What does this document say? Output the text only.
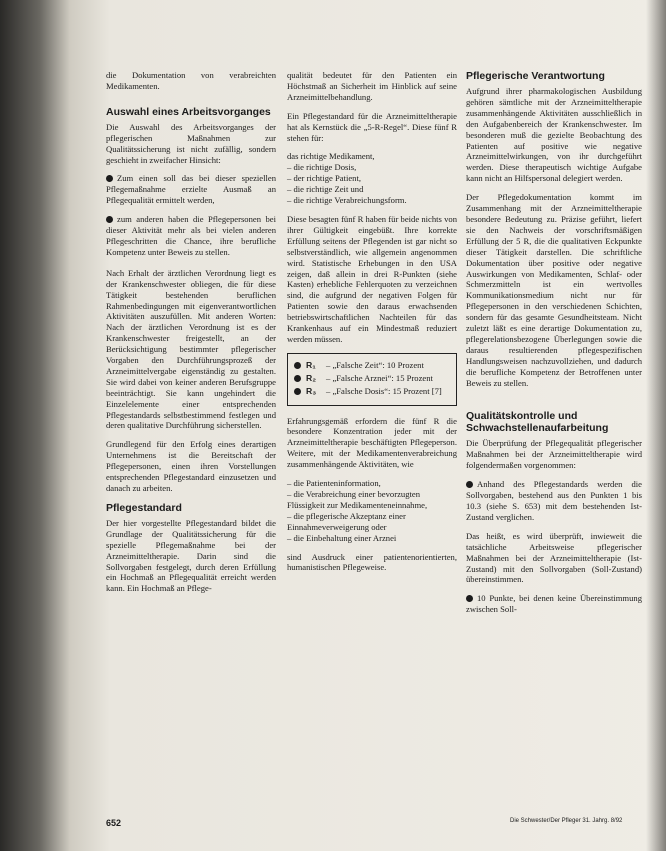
die Dokumentation von verabreichten Medikamenten.

Auswahl eines Arbeitsvorganges

Die Auswahl des Arbeitsvorganges der pflegerischen Maßnahmen zur Qualitätssicherung ist nicht zufällig, sondern geschieht in zweifacher Hinsicht:

Zum einen soll das bei dieser speziellen Pflegemaßnahme erzielte Ausmaß an Pflegequalität ermittelt werden,

zum anderen haben die Pflegepersonen bei dieser Aktivität mehr als bei vielen anderen Pflegeschritten die Chance, ihre berufliche Kompetenz unter Beweis zu stellen.

Nach Erhalt der ärztlichen Verordnung liegt es der Krankenschwester obliegen, die für diese Tätigkeit bestehenden beruflichen Rahmenbedingungen mit eigenverantwortlichen Aktivitäten auszufüllen. Mit anderen Worten: Nach der ärztlichen Verordnung ist es der Krankenschwester freigestellt, an der Berücksichtigung bestimmter pflegerischer Vorgaben den Durchführungsprozeß der Arzneimittelvergabe eigenständig zu gestalten. Sie wird dabei von keiner anderen Berufsgruppe beeinträchtigt. Sie kann ungehindert die Einzelelemente einer entsprechenden Pflegestandards selbstbestimmend festlegen und deren qualitative Durchführung sicherstellen.

Grundlegend für den Erfolg eines derartigen Unternehmens ist die Bereitschaft der Pflegepersonen, einen ihren Vorstellungen entsprechenden Pflegestandard einzusetzen und danach zu arbeiten.

Pflegestandard

Der hier vorgestellte Pflegestandard bildet die Grundlage der Qualitätssicherung für die spezielle Pflegemaßnahme bei der Arzneimitteltherapie. Darin sind die Sollvorgaben festgelegt, durch deren Erfüllung ein Hochmaß an Pflegequalität erreicht werden kann. Ein Hochmaß an Pflege-

qualität bedeutet für den Patienten ein Höchstmaß an Sicherheit im Hinblick auf seine Arzneimittelbehandlung.

Ein Pflegestandard für die Arzneimitteltherapie hat als Kernstück die „5-R-Regel“. Diese fünf R stehen für:

das richtige Medikament,
– die richtige Dosis,
– der richtige Patient,
– die richtige Zeit und
– die richtige Verabreichungsform.

Diese besagten fünf R haben für beide nichts von ihrer Gültigkeit eingebüßt. Ihre korrekte Erfüllung seitens der Pflegenden ist gar nicht so selbstverständlich, wie allgemein angenommen wird. Statistische Erhebungen in den USA zeigen, daß allein in drei R-Punkten (siehe Kasten) erhebliche Fehlerquoten zu verzeichnen sind, die aufgrund der negativen Folgen für Patienten sowie den daraus erwachsenden betriebswirtschaftlichen Nachteilen für das Krankenhaus auf ein Mindestmaß reduziert werden müssen.

R₁	– „Falsche Zeit“: 10 Prozent
R₂	– „Falsche Arznei“: 15 Prozent
R₃	– „Falsche Dosis“: 15 Prozent [7]

Erfahrungsgemäß erfordern die fünf R die besondere Konzentration jeder mit der Arzneimitteltherapie beschäftigten Pflegeperson. Weitere, mit der Medikamentenverabreichung zusammenhängende Aktivitäten, wie

– die Patienteninformation,
– die Verabreichung einer bevorzugten Flüssigkeit zur Medikamenteneinnahme,
– die pflegerische Akzeptanz einer Einnahmeverweigerung oder
– die Einbehaltung einer Arznei

sind Ausdruck einer patientenorientierten, humanistischen Pflegeweise.

Pflegerische Verantwortung

Aufgrund ihrer pharmakologischen Ausbildung gehören sämtliche mit der Arzneimitteltherapie zusammenhängende Aktivitäten ausschließlich in den Aufgabenbereich der Krankenschwester. Im besonderen muß die gezielte Beobachtung des Patienten auf positive wie negative Arzneimittelwirkungen, von ihr durchgeführt werden. Diese therapeutisch wichtige Aufgabe kann nicht an Hilfspersonal delegiert werden.

Der Pflegedokumentation kommt im Zusammenhang mit der Arzneimitteltherapie besondere Bedeutung zu. Präzise geführt, liefert sie den Nachweis der vorschriftsmäßigen Erfüllung der 5 R, die die qualitativen Eckpunkte dieser Tätigkeit darstellen. Die schriftliche Dokumentation über positive oder negative Auswirkungen von Medikamenten, Schlaf- oder Schmerzmitteln ist ein wertvolles Kommunikationsmedium nicht nur für Pflegepersonen in den verschiedenen Schichten, sondern für das gesamte Gesundheitsteam. Nicht zuletzt läßt es eine derartige Dokumentation zu, pflegerelationsbezogene Überlegungen sowie die daraus resultierenden pflegespezifischen Handlungsweisen nachzuvollziehen, und dadurch die berufliche Kompetenz der Betroffenen unter Beweis zu stellen.

Qualitätskontrolle und Schwachstellenaufarbeitung

Die Überprüfung der Pflegequalität pflegerischer Maßnahmen bei der Arzneimitteltherapie wird folgendermaßen vorgenommen:

Anhand des Pflegestandards werden die Sollvorgaben, bestehend aus den Punkten 1 bis 10.3 (siehe S. 653) mit dem bestehenden Ist-Zustand verglichen.

Das heißt, es wird überprüft, inwieweit die tatsächliche Arbeitsweise pflegerischer Maßnahmen bei der Arzneimitteltherapie (Ist-Zustand) mit den Sollvorgaben (Soll-Zustand) übereinstimmen.

10 Punkte, bei denen keine Übereinstimmung zwischen Soll-

652	Die Schwester/Der Pfleger 31. Jahrg. 8/92
